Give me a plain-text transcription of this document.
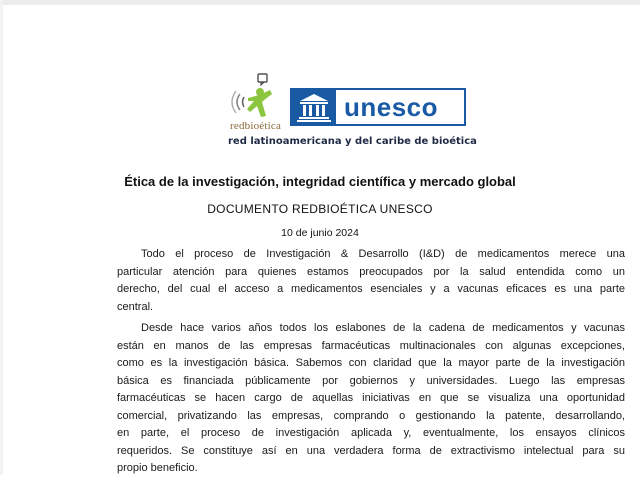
redbioética
unesco
red latinoamericana y del caribe de bioética
Ética de la investigación, integridad científica y mercado global
DOCUMENTO REDBIOÉTICA UNESCO
10 de junio 2024
Todo el proceso de Investigación & Desarrollo (I&D) de medicamentos merece una
particular atención para quienes estamos preocupados por la salud entendida como un
derecho, del cual el acceso a medicamentos esenciales y a vacunas eficaces es una parte
central.
Desde hace varios años todos los eslabones de la cadena de medicamentos y vacunas
están en manos de las empresas farmacéuticas multinacionales con algunas excepciones,
como es la investigación básica. Sabemos con claridad que la mayor parte de la investigación
básica es financiada públicamente por gobiernos y universidades. Luego las empresas
farmacéuticas se hacen cargo de aquellas iniciativas en que se visualiza una oportunidad
comercial, privatizando las empresas, comprando o gestionando la patente, desarrollando,
en parte, el proceso de investigación aplicada y, eventualmente, los ensayos clínicos
requeridos. Se constituye así en una verdadera forma de extractivismo intelectual para su
propio beneficio.
